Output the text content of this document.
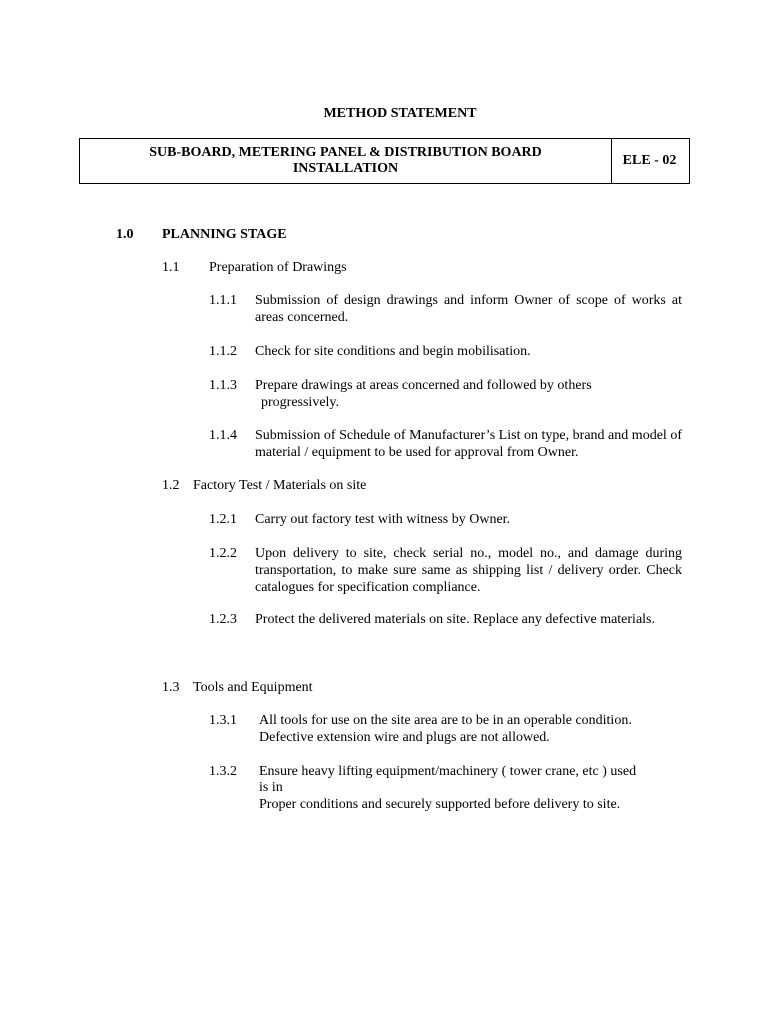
METHOD STATEMENT
SUB-BOARD, METERING PANEL & DISTRIBUTION BOARD
INSTALLATION
ELE - 02
1.0 PLANNING STAGE
1.1 Preparation of Drawings
1.1.1 Submission of design drawings and inform Owner of scope of works at areas concerned.
1.1.2 Check for site conditions and begin mobilisation.
1.1.3 Prepare drawings at areas concerned and followed by others
progressively.
1.1.4 Submission of Schedule of Manufacturer’s List on type, brand and model of material / equipment to be used for approval from Owner.
1.2 Factory Test / Materials on site
1.2.1 Carry out factory test with witness by Owner.
1.2.2 Upon delivery to site, check serial no., model no., and damage during transportation, to make sure same as shipping list / delivery order. Check catalogues for specification compliance.
1.2.3 Protect the delivered materials on site. Replace any defective materials.
1.3 Tools and Equipment
1.3.1 All tools for use on the site area are to be in an operable condition.
Defective extension wire and plugs are not allowed.
1.3.2 Ensure heavy lifting equipment/machinery ( tower crane, etc ) used
is in
Proper conditions and securely supported before delivery to site.
